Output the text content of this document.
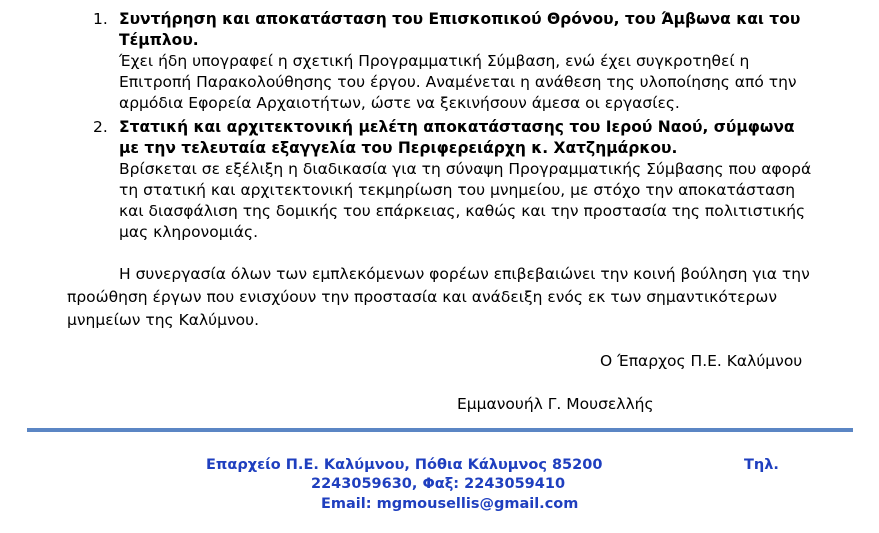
1. Συντήρηση και αποκατάσταση του Επισκοπικού Θρόνου, του Άμβωνα και του
Τέμπλου.
Έχει ήδη υπογραφεί η σχετική Προγραμματική Σύμβαση, ενώ έχει συγκροτηθεί η
Επιτροπή Παρακολούθησης του έργου. Αναμένεται η ανάθεση της υλοποίησης από την
αρμόδια Εφορεία Αρχαιοτήτων, ώστε να ξεκινήσουν άμεσα οι εργασίες.
2. Στατική και αρχιτεκτονική μελέτη αποκατάστασης του Ιερού Ναού, σύμφωνα
με την τελευταία εξαγγελία του Περιφερειάρχη κ. Χατζημάρκου.
Βρίσκεται σε εξέλιξη η διαδικασία για τη σύναψη Προγραμματικής Σύμβασης που αφορά
τη στατική και αρχιτεκτονική τεκμηρίωση του μνημείου, με στόχο την αποκατάσταση
και διασφάλιση της δομικής του επάρκειας, καθώς και την προστασία της πολιτιστικής
μας κληρονομιάς.
Η συνεργασία όλων των εμπλεκόμενων φορέων επιβεβαιώνει την κοινή βούληση για την
προώθηση έργων που ενισχύουν την προστασία και ανάδειξη ενός εκ των σημαντικότερων
μνημείων της Καλύμνου.
Ο Έπαρχος Π.Ε. Καλύμνου
Εμμανουήλ Γ. Μουσελλής
Επαρχείο Π.Ε. Καλύμνου, Πόθια Κάλυμνος 85200	Τηλ.
2243059630, Φαξ: 2243059410
Email: mgmousellis@gmail.com
